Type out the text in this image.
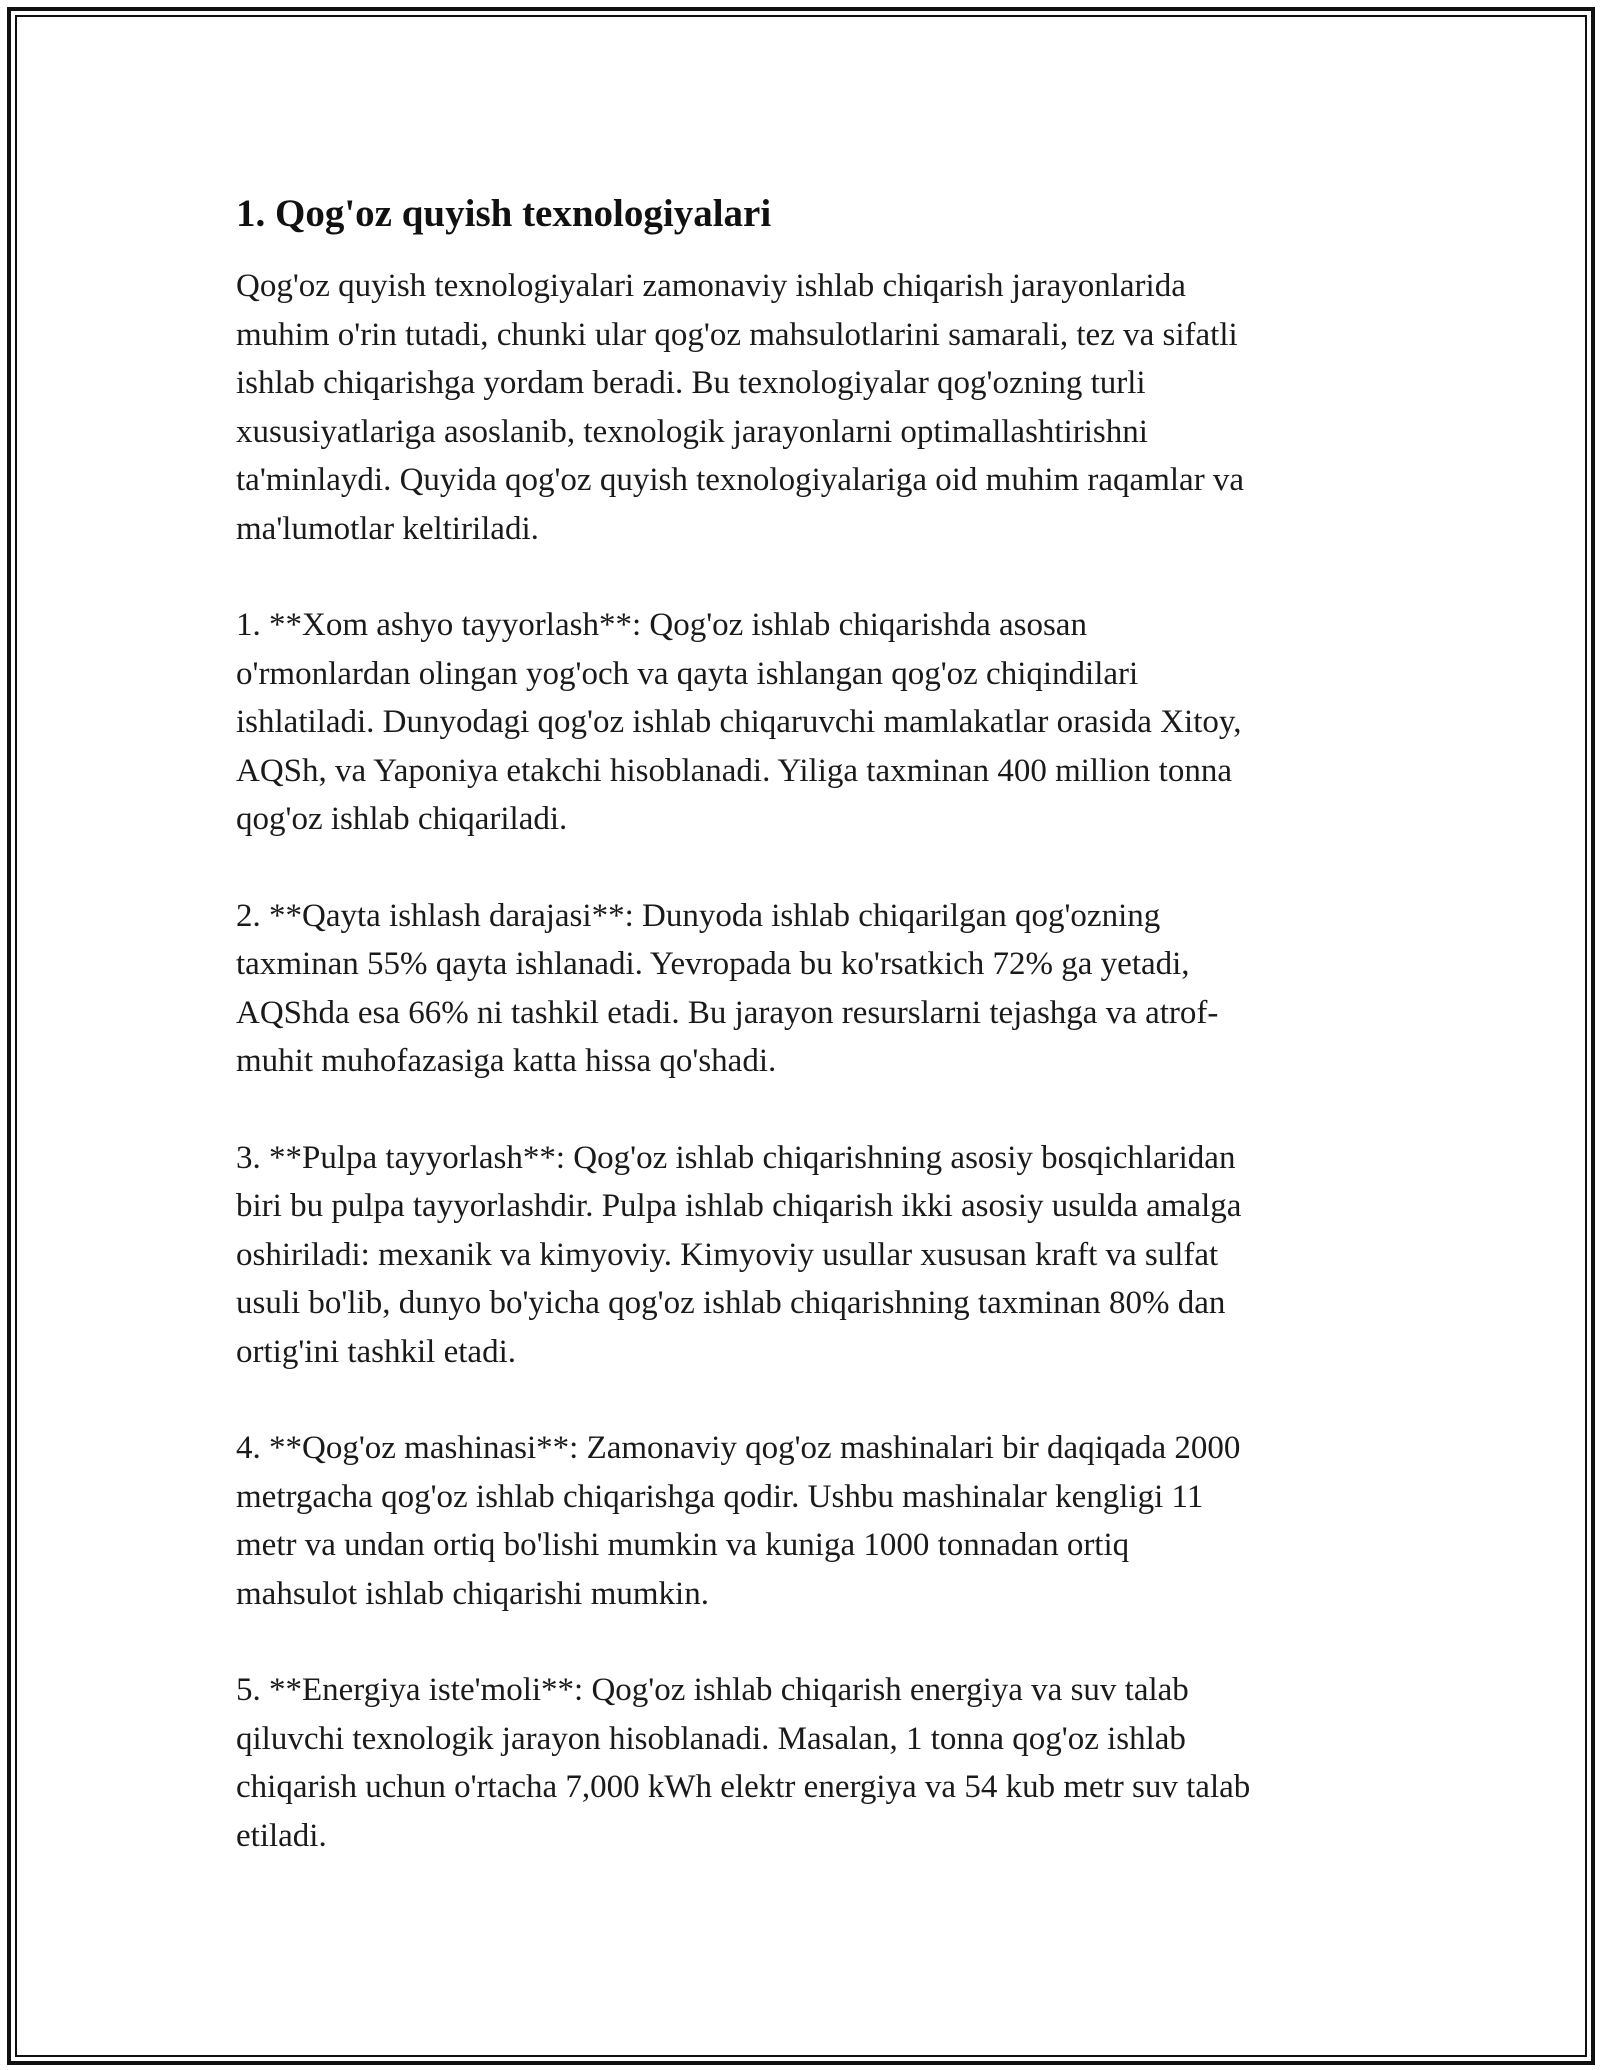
1. Qog'oz quyish texnologiyalari

Qog'oz quyish texnologiyalari zamonaviy ishlab chiqarish jarayonlarida
muhim o'rin tutadi, chunki ular qog'oz mahsulotlarini samarali, tez va sifatli
ishlab chiqarishga yordam beradi. Bu texnologiyalar qog'ozning turli
xususiyatlariga asoslanib, texnologik jarayonlarni optimallashtirishni
ta'minlaydi. Quyida qog'oz quyish texnologiyalariga oid muhim raqamlar va
ma'lumotlar keltiriladi.

1. **Xom ashyo tayyorlash**: Qog'oz ishlab chiqarishda asosan
o'rmonlardan olingan yog'och va qayta ishlangan qog'oz chiqindilari
ishlatiladi. Dunyodagi qog'oz ishlab chiqaruvchi mamlakatlar orasida Xitoy,
AQSh, va Yaponiya etakchi hisoblanadi. Yiliga taxminan 400 million tonna
qog'oz ishlab chiqariladi.

2. **Qayta ishlash darajasi**: Dunyoda ishlab chiqarilgan qog'ozning
taxminan 55% qayta ishlanadi. Yevropada bu ko'rsatkich 72% ga yetadi,
AQShda esa 66% ni tashkil etadi. Bu jarayon resurslarni tejashga va atrof-
muhit muhofazasiga katta hissa qo'shadi.

3. **Pulpa tayyorlash**: Qog'oz ishlab chiqarishning asosiy bosqichlaridan
biri bu pulpa tayyorlashdir. Pulpa ishlab chiqarish ikki asosiy usulda amalga
oshiriladi: mexanik va kimyoviy. Kimyoviy usullar xususan kraft va sulfat
usuli bo'lib, dunyo bo'yicha qog'oz ishlab chiqarishning taxminan 80% dan
ortig'ini tashkil etadi.

4. **Qog'oz mashinasi**: Zamonaviy qog'oz mashinalari bir daqiqada 2000
metrgacha qog'oz ishlab chiqarishga qodir. Ushbu mashinalar kengligi 11
metr va undan ortiq bo'lishi mumkin va kuniga 1000 tonnadan ortiq
mahsulot ishlab chiqarishi mumkin.

5. **Energiya iste'moli**: Qog'oz ishlab chiqarish energiya va suv talab
qiluvchi texnologik jarayon hisoblanadi. Masalan, 1 tonna qog'oz ishlab
chiqarish uchun o'rtacha 7,000 kWh elektr energiya va 54 kub metr suv talab
etiladi.
